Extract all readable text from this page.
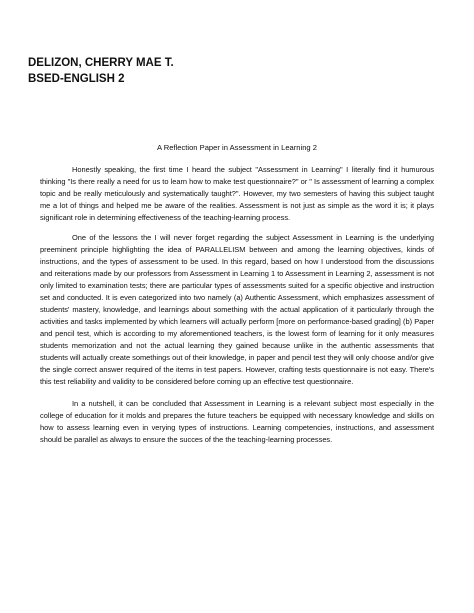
DELIZON, CHERRY MAE T.
BSED-ENGLISH 2
A Reflection Paper in Assessment in Learning 2

Honestly speaking, the first time I heard the subject "Assessment in Learning" I literally find it humurous thinking "Is there really a need for us to learn how to make test questionnaire?" or " Is assessment of learning a complex topic and be really meticulously and systematically taught?". However, my two semesters of having this subject taught me a lot of things and helped me be aware of the realities. Assessment is not just as simple as the word it is; it plays significant role in determining effectiveness of the teaching-learning process.

One of the lessons the I will never forget regarding the subject Assessment in Learning is the underlying preeminent principle highlighting the idea of PARALLELISM between and among the learning objectives, kinds of instructions, and the types of assessment to be used. In this regard, based on how I understood from the discussions and reiterations made by our professors from Assessment in Learning 1 to Assessment in Learning 2, assessment is not only limited to examination tests; there are particular types of assessments suited for a specific objective and instruction set and conducted. It is even categorized into two namely (a) Authentic Assessment, which emphasizes assessment of students' mastery, knowledge, and learnings about something with the actual application of it particularly through the activities and tasks implemented by which learners will actually perform [more on performance-based grading] (b) Paper and pencil test, which is according to my aforementioned teachers, is the lowest form of learning for it only measures students memorization and not the actual learning they gained because unlike in the authentic assessments that students will actually create somethings out of their knowledge, in paper and pencil test they will only choose and/or give the single correct answer required of the items in test papers. However, crafting tests questionnaire is not easy. There's this test reliability and validity to be considered before coming up an effective test questionnaire.

In a nutshell, it can be concluded that Assessment in Learning is a relevant subject most especially in the college of education for it molds and prepares the future teachers be equipped with necessary knowledge and skills on how to assess learning even in verying types of instructions. Learning competencies, instructions, and assessment should be parallel as always to ensure the succes of the the teaching-learning processes.
